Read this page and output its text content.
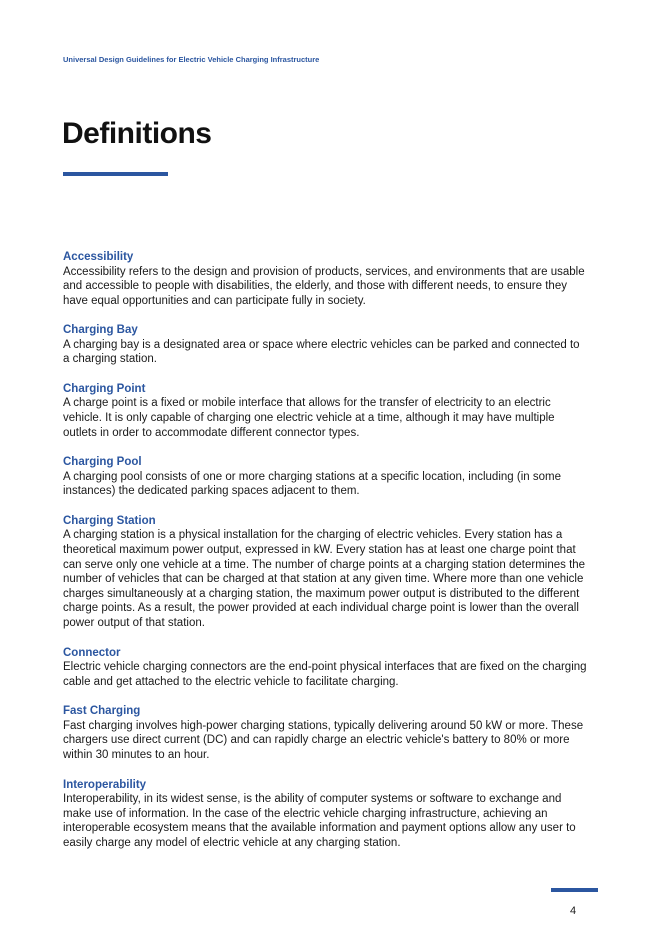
Universal Design Guidelines for Electric Vehicle Charging Infrastructure
Definitions
Accessibility

Accessibility refers to the design and provision of products, services, and environments that are usable and accessible to people with disabilities, the elderly, and those with different needs, to ensure they have equal opportunities and can participate fully in society.

Charging Bay

A charging bay is a designated area or space where electric vehicles can be parked and connected to a charging station.

Charging Point

A charge point is a fixed or mobile interface that allows for the transfer of electricity to an electric vehicle. It is only capable of charging one electric vehicle at a time, although it may have multiple outlets in order to accommodate different connector types.

Charging Pool

A charging pool consists of one or more charging stations at a specific location, including (in some instances) the dedicated parking spaces adjacent to them.

Charging Station

A charging station is a physical installation for the charging of electric vehicles. Every station has a theoretical maximum power output, expressed in kW. Every station has at least one charge point that can serve only one vehicle at a time. The number of charge points at a charging station determines the number of vehicles that can be charged at that station at any given time. Where more than one vehicle charges simultaneously at a charging station, the maximum power output is distributed to the different charge points. As a result, the power provided at each individual charge point is lower than the overall power output of that station.

Connector

Electric vehicle charging connectors are the end-point physical interfaces that are fixed on the charging cable and get attached to the electric vehicle to facilitate charging.

Fast Charging

Fast charging involves high-power charging stations, typically delivering around 50 kW or more. These chargers use direct current (DC) and can rapidly charge an electric vehicle's battery to 80% or more within 30 minutes to an hour.

Interoperability

Interoperability, in its widest sense, is the ability of computer systems or software to exchange and make use of information. In the case of the electric vehicle charging infrastructure, achieving an interoperable ecosystem means that the available information and payment options allow any user to easily charge any model of electric vehicle at any charging station.

4
